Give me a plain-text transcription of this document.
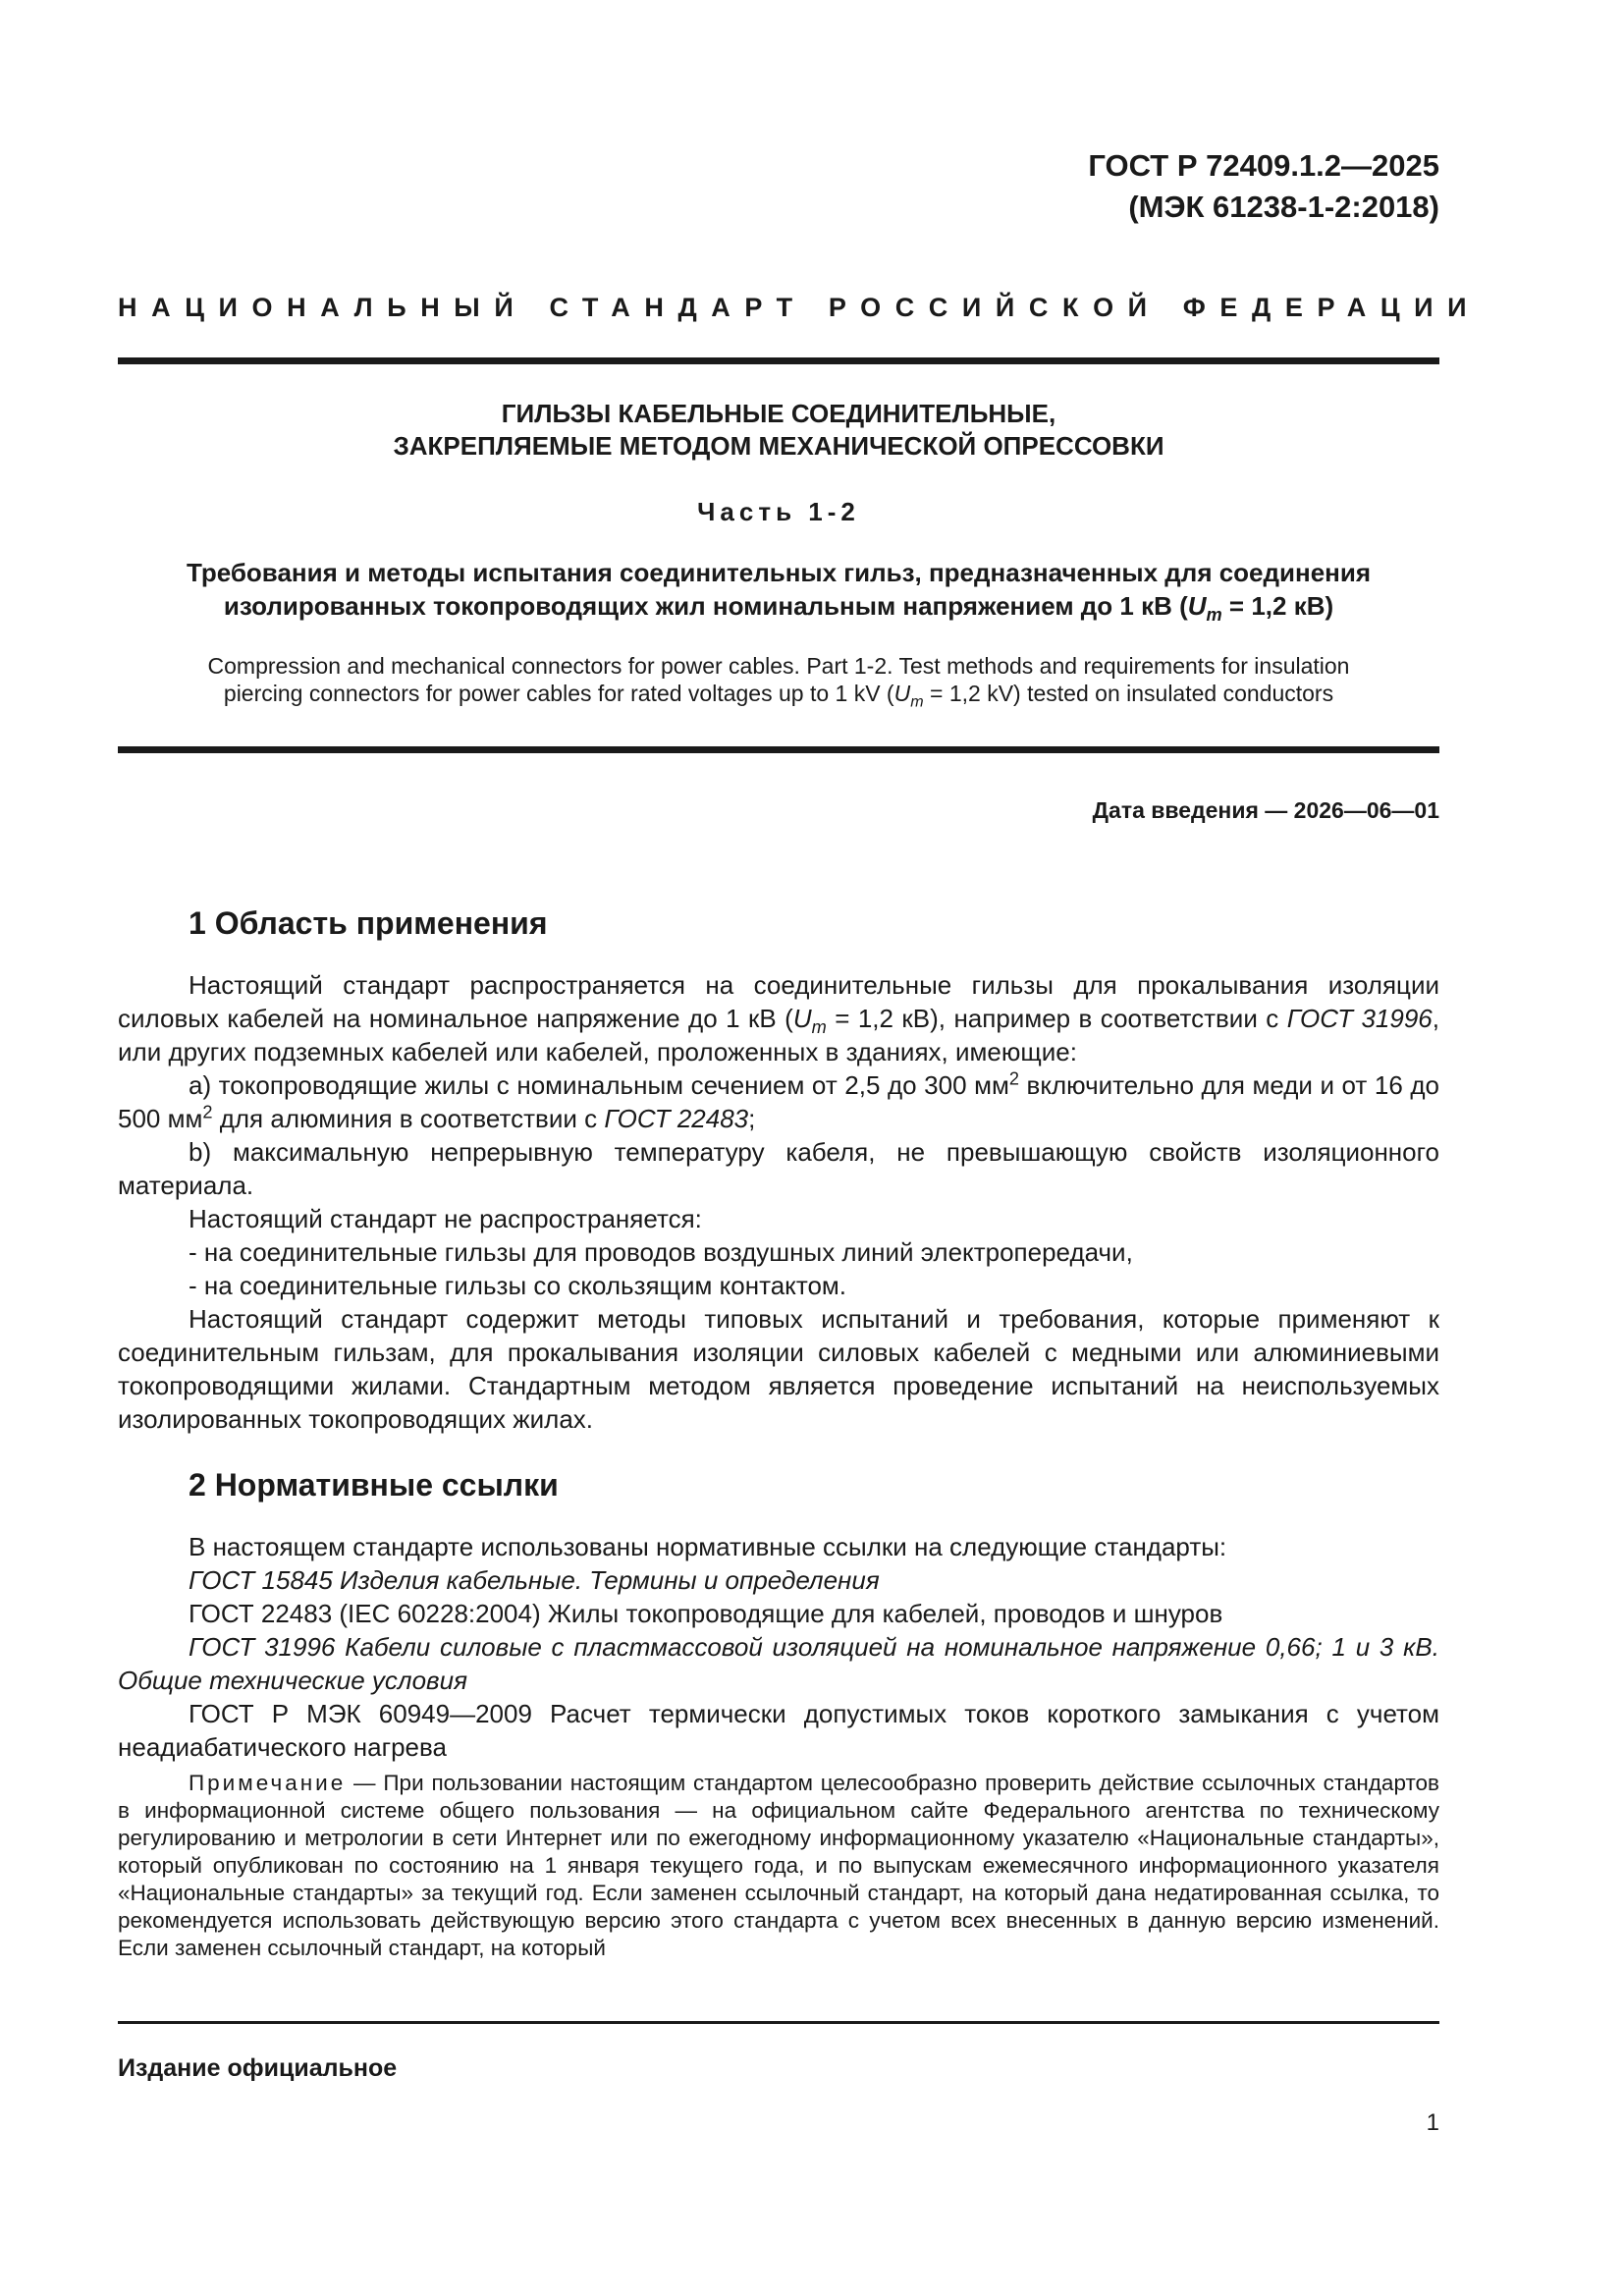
ГОСТ Р 72409.1.2—2025
(МЭК 61238-1-2:2018)
НАЦИОНАЛЬНЫЙ СТАНДАРТ РОССИЙСКОЙ ФЕДЕРАЦИИ
ГИЛЬЗЫ КАБЕЛЬНЫЕ СОЕДИНИТЕЛЬНЫЕ,
ЗАКРЕПЛЯЕМЫЕ МЕТОДОМ МЕХАНИЧЕСКОЙ ОПРЕССОВКИ
Часть 1-2
Требования и методы испытания соединительных гильз, предназначенных для соединения
изолированных токопроводящих жил номинальным напряжением до 1 кВ ($U_m = 1,2$ кВ)
Compression and mechanical connectors for power cables. Part 1-2. Test methods and requirements for insulation
piercing connectors for power cables for rated voltages up to 1 kV ($U_m = 1,2$ kV) tested on insulated conductors
Дата введения — 2026—06—01
1 Область применения
Настоящий стандарт распространяется на соединительные гильзы для прокалывания изоляции силовых кабелей на номинальное напряжение до 1 кВ ($U_m = 1,2$ кВ), например в соответствии с ГОСТ 31996, или других подземных кабелей или кабелей, проложенных в зданиях, имеющие:
а) токопроводящие жилы с номинальным сечением от 2,5 до 300 $мм^2$ включительно для меди и от 16 до 500 $мм^2$ для алюминия в соответствии с ГОСТ 22483;
b) максимальную непрерывную температуру кабеля, не превышающую свойств изоляционного материала.
Настоящий стандарт не распространяется:
- на соединительные гильзы для проводов воздушных линий электропередачи,
- на соединительные гильзы со скользящим контактом.
Настоящий стандарт содержит методы типовых испытаний и требования, которые применяют к соединительным гильзам, для прокалывания изоляции силовых кабелей с медными или алюминиевыми токопроводящими жилами. Стандартным методом является проведение испытаний на неиспользуемых изолированных токопроводящих жилах.
2 Нормативные ссылки
В настоящем стандарте использованы нормативные ссылки на следующие стандарты:
ГОСТ 15845 Изделия кабельные. Термины и определения
ГОСТ 22483 (IEC 60228:2004) Жилы токопроводящие для кабелей, проводов и шнуров
ГОСТ 31996 Кабели силовые с пластмассовой изоляцией на номинальное напряжение 0,66; 1 и 3 кВ. Общие технические условия
ГОСТ Р МЭК 60949—2009 Расчет термически допустимых токов короткого замыкания с учетом неадиабатического нагрева
Примечание — При пользовании настоящим стандартом целесообразно проверить действие ссылочных стандартов в информационной системе общего пользования — на официальном сайте Федерального агентства по техническому регулированию и метрологии в сети Интернет или по ежегодному информационному указателю «Национальные стандарты», который опубликован по состоянию на 1 января текущего года, и по выпускам ежемесячного информационного указателя «Национальные стандарты» за текущий год. Если заменен ссылочный стандарт, на который дана недатированная ссылка, то рекомендуется использовать действующую версию этого стандарта с учетом всех внесенных в данную версию изменений. Если заменен ссылочный стандарт, на который
Издание официальное
1
